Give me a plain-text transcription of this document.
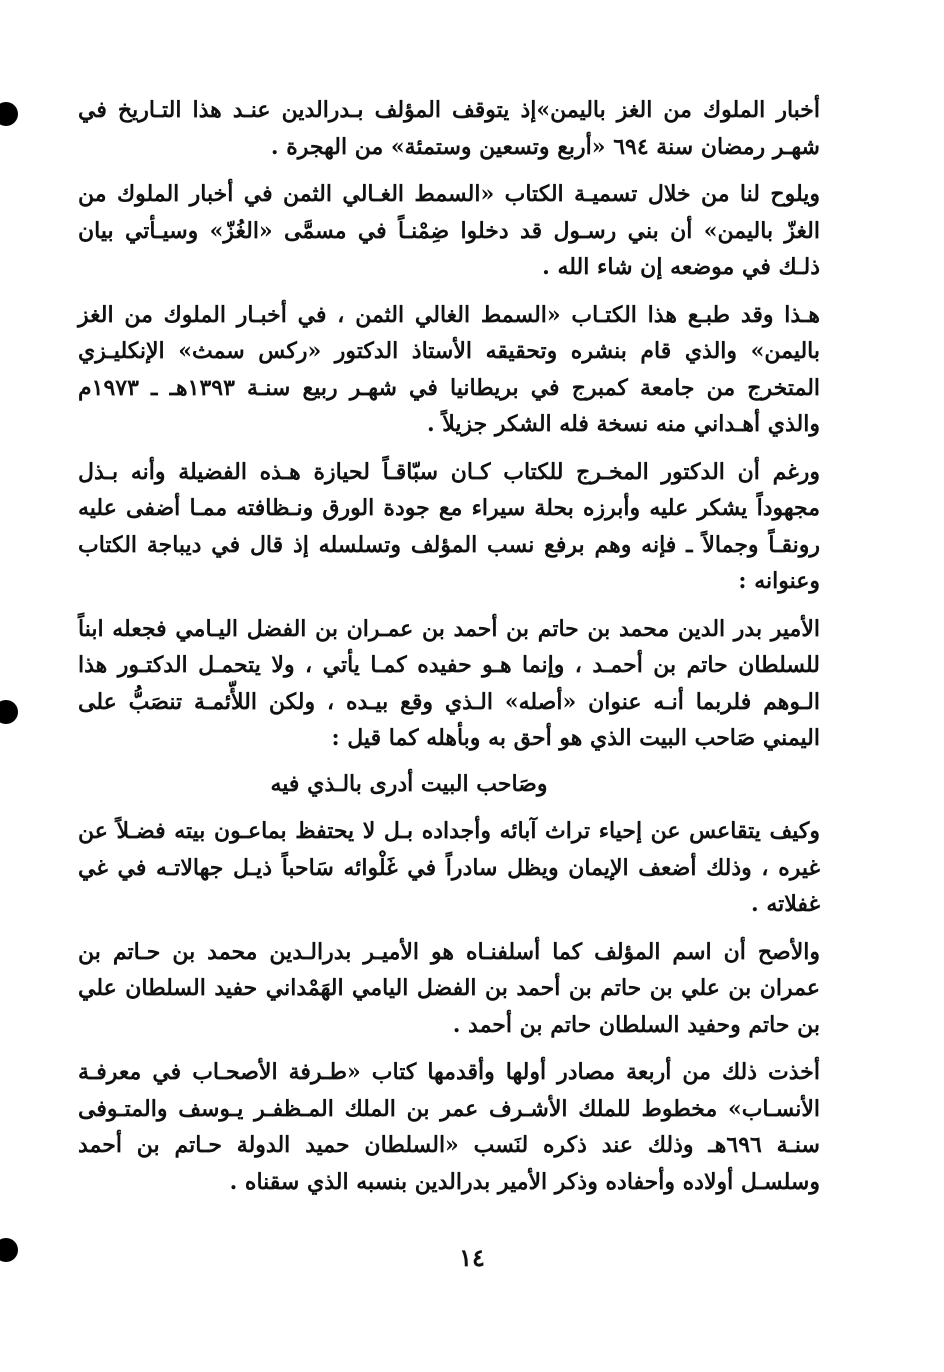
أخبار الملوك من الغز باليمن»إذ يتوقف المؤلف بـدرالدين عنـد هذا التـاريخ في شهـر رمضان سنة ٦٩٤ «أربع وتسعين وستمئة» من الهجرة .

ويلوح لنا من خلال تسميـة الكتاب «السمط الغـالي الثمن في أخبار الملوك من الغزّ باليمن» أن بني رسـول قد دخلوا ضِمْنـاً في مسمَّى «الغُزّ» وسيـأتي بيان ذلـك في موضعه إن شاء الله .

هـذا وقد طبـع هذا الكتـاب «السمط الغالي الثمن ، في أخبـار الملوك من الغز باليمن» والذي قام بنشره وتحقيقه الأستاذ الدكتور «ركس سمث» الإنكليـزي المتخرج من جامعة كمبرج في بريطانيا في شهـر ربيع سنـة ١٣٩٣هـ ـ ١٩٧٣م والذي أهـداني منه نسخة فله الشكر جزيلاً .

ورغم أن الدكتور المخـرج للكتاب كـان سبّاقـاً لحيازة هـذه الفضيلة وأنه بـذل مجهوداً يشكر عليه وأبرزه بحلة سيراء مع جودة الورق ونـظافته ممـا أضفى عليه رونقـاً وجمالاً ـ فإنه وهم برفع نسب المؤلف وتسلسله إذ قال في ديباجة الكتاب وعنوانه :

الأمير بدر الدين محمد بن حاتم بن أحمد بن عمـران بن الفضل اليـامي فجعله ابناً للسلطان حاتم بن أحمـد ، وإنما هـو حفيده كمـا يأتي ، ولا يتحمـل الدكتـور هذا الـوهم فلربما أنـه عنوان «أصله» الـذي وقع بيـده ، ولكن اللأّئمـة تنصَبُّ على اليمني صَاحب البيت الذي هو أحق به وبأهله كما قيل :

وصَاحب البيت أدرى بالـذي فيه

وكيف يتقاعس عن إحياء تراث آبائه وأجداده بـل لا يحتفظ بماعـون بيته فضـلاً عن غيره ، وذلك أضعف الإيمان ويظل سادراً في غَلْوائه سَاحباً ذيـل جهالاتـه في غي غفلاته .

والأصح أن اسم المؤلف كما أسلفنـاه هو الأميـر بدرالـدين محمد بن حـاتم بن عمران بن علي بن حاتم بن أحمد بن الفضل اليامي الهَمْداني حفيد السلطان علي بن حاتم وحفيد السلطان حاتم بن أحمد .

أخذت ذلك من أربعة مصادر أولها وأقدمها كتاب «طـرفة الأصحـاب في معرفـة الأنسـاب» مخطوط للملك الأشـرف عمر بن الملك المـظفـر يـوسف والمتـوفى سنـة ٦٩٦هـ وذلك عند ذكره لنَسب «السلطان حميد الدولة حـاتم بن أحمد وسلسـل أولاده وأحفاده وذكر الأمير بدرالدين بنسبه الذي سقناه .

١٤
